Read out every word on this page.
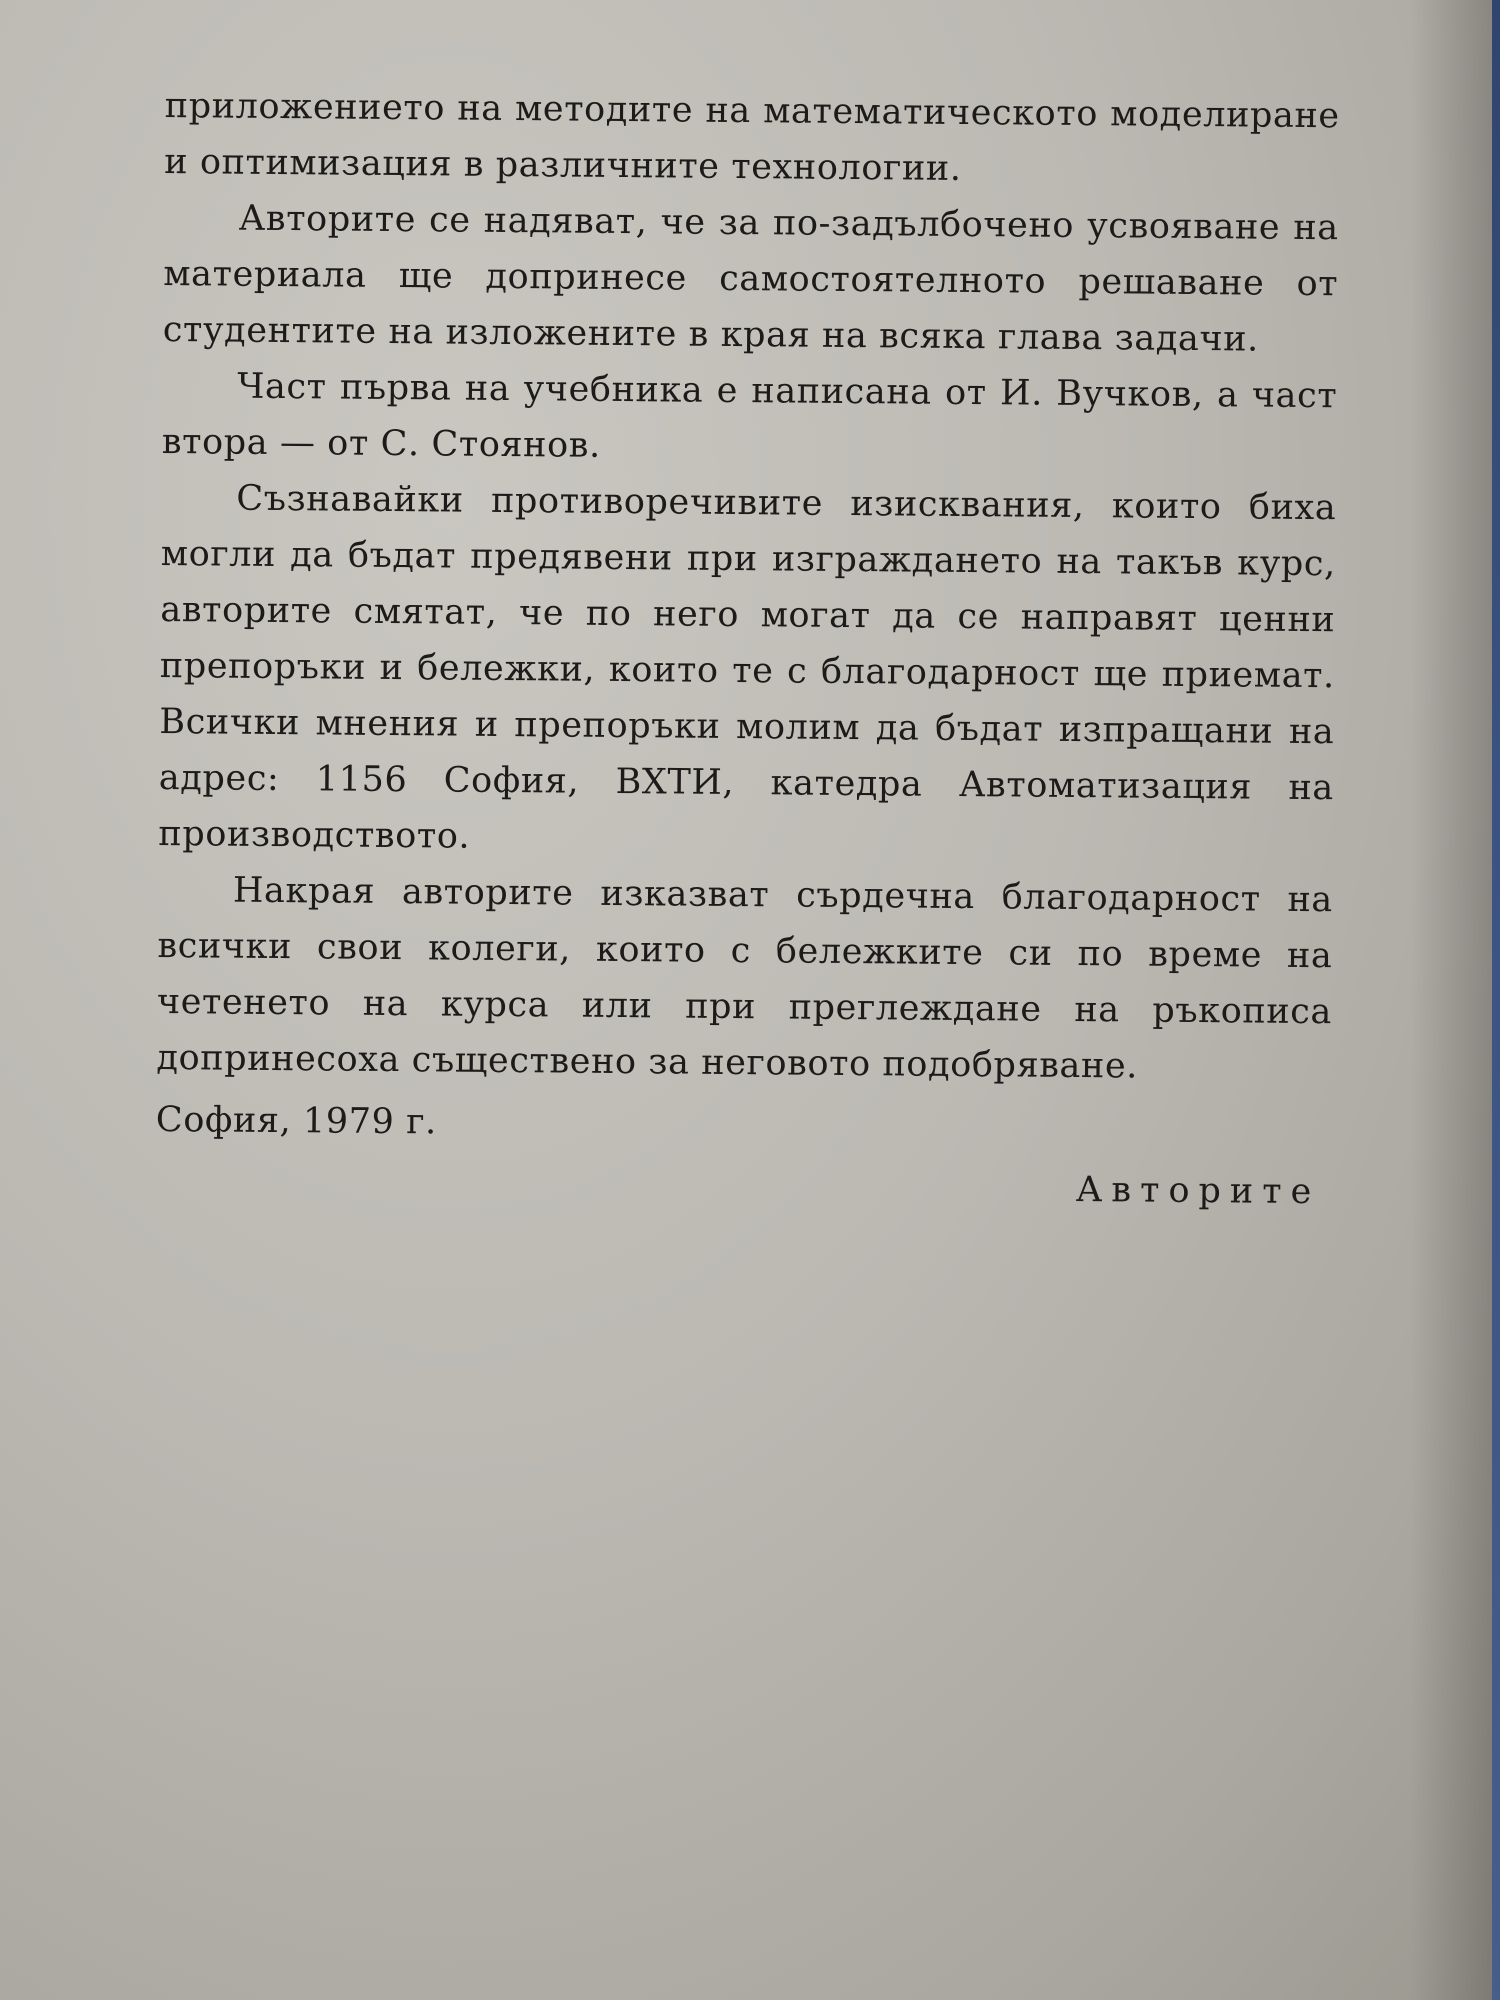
приложението на методите на математическото моделиране и оптимизация в различните технологии.

Авторите се надяват, че за по-задълбочено усвояване на материала ще допринесе самостоятелното решаване от студентите на изложените в края на всяка глава задачи.

Част първа на учебника е написана от И. Вучков, а част втора — от С. Стоянов.

Съзнавайки противоречивите изисквания, които биха могли да бъдат предявени при изграждането на такъв курс, авторите смятат, че по него могат да се направят ценни препоръки и бележки, които те с благодарност ще приемат. Всички мнения и препоръки молим да бъдат изпращани на адрес: 1156 София, ВХТИ, катедра Автоматизация на производството.

Накрая авторите изказват сърдечна благодарност на всички свои колеги, които с бележките си по време на четенето на курса или при преглеждане на ръкописа допринесоха съществено за неговото подобряване.

София, 1979 г.

Авторите
